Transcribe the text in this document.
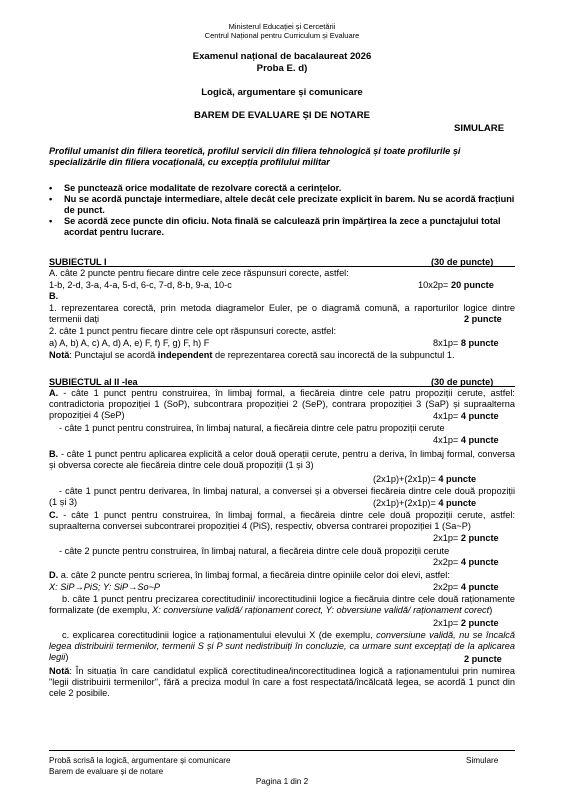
Ministerul Educației și Cercetării
Centrul Național pentru Curriculum și Evaluare
Examenul național de bacalaureat 2026
Proba E. d)
Logică, argumentare și comunicare
BAREM DE EVALUARE ȘI DE NOTARE
SIMULARE
Profilul umanist din filiera teoretică, profilul servicii din filiera tehnologică și toate profilurile și specializările din filiera vocațională, cu excepția profilului militar
• Se punctează orice modalitate de rezolvare corectă a cerințelor.
• Nu se acordă punctaje intermediare, altele decât cele precizate explicit în barem. Nu se acordă fracțiuni de punct.
• Se acordă zece puncte din oficiu. Nota finală se calculează prin împărțirea la zece a punctajului total acordat pentru lucrare.
SUBIECTUL I	(30 de puncte)
A. câte 2 puncte pentru fiecare dintre cele zece răspunsuri corecte, astfel:
1-b, 2-d, 3-a, 4-a, 5-d, 6-c, 7-d, 8-b, 9-a, 10-c	10x2p= 20 puncte
B.
1. reprezentarea corectă, prin metoda diagramelor Euler, pe o diagramă comună, a raporturilor logice dintre termenii dați	2 puncte
2. câte 1 punct pentru fiecare dintre cele opt răspunsuri corecte, astfel:
a) A, b) A, c) A, d) A, e) F, f) F, g) F, h) F	8x1p= 8 puncte
Notă: Punctajul se acordă independent de reprezentarea corectă sau incorectă de la subpunctul 1.
SUBIECTUL al II -lea	(30 de puncte)
A. - câte 1 punct pentru construirea, în limbaj formal, a fiecăreia dintre cele patru propoziții cerute, astfel: contradictoria propoziției 1 (SoP), subcontrara propoziției 2 (SeP), contrara propoziției 3 (SaP) și supraalterna propoziției 4 (SeP)	4x1p= 4 puncte
- câte 1 punct pentru construirea, în limbaj natural, a fiecăreia dintre cele patru propoziții cerute
4x1p= 4 puncte
B. - câte 1 punct pentru aplicarea explicită a celor două operații cerute, pentru a deriva, în limbaj formal, conversa și obversa corecte ale fiecăreia dintre cele două propoziții (1 și 3)
(2x1p)+(2x1p)= 4 puncte
- câte 1 punct pentru derivarea, în limbaj natural, a conversei și a obversei fiecăreia dintre cele două propoziții (1 și 3)	(2x1p)+(2x1p)= 4 puncte
C. - câte 1 punct pentru construirea, în limbaj formal, a fiecăreia dintre cele două propoziții cerute, astfel: supraalterna conversei subcontrarei propoziției 4 (PiS), respectiv, obversa contrarei propoziției 1 (Sa~P)
2x1p= 2 puncte
- câte 2 puncte pentru construirea, în limbaj natural, a fiecăreia dintre cele două propoziții cerute
2x2p= 4 puncte
D. a. câte 2 puncte pentru scrierea, în limbaj formal, a fiecăreia dintre opiniile celor doi elevi, astfel:
X: SiP→PiS; Y: SiP→So~P	2x2p= 4 puncte
b. câte 1 punct pentru precizarea corectitudinii/ incorectitudinii logice a fiecăruia dintre cele două raționamente formalizate (de exemplu, X: conversiune validă/ raționament corect, Y: obversiune validă/ raționament corect)
2x1p= 2 puncte
c. explicarea corectitudinii logice a raționamentului elevului X (de exemplu, conversiune validă, nu se încalcă legea distribuirii termenilor, termenii S și P sunt nedistribuiți în concluzie, ca urmare sunt excepțați de la aplicarea legii)	2 puncte
Notă: În situația în care candidatul explică corectitudinea/incorectitudinea logică a raționamentului prin numirea "legii distribuirii termenilor", fără a preciza modul în care a fost respectată/încălcată legea, se acordă 1 punct din cele 2 posibile.
Probă scrisă la logică, argumentare și comunicare
Barem de evaluare și de notare
Simulare
Pagina 1 din 2
